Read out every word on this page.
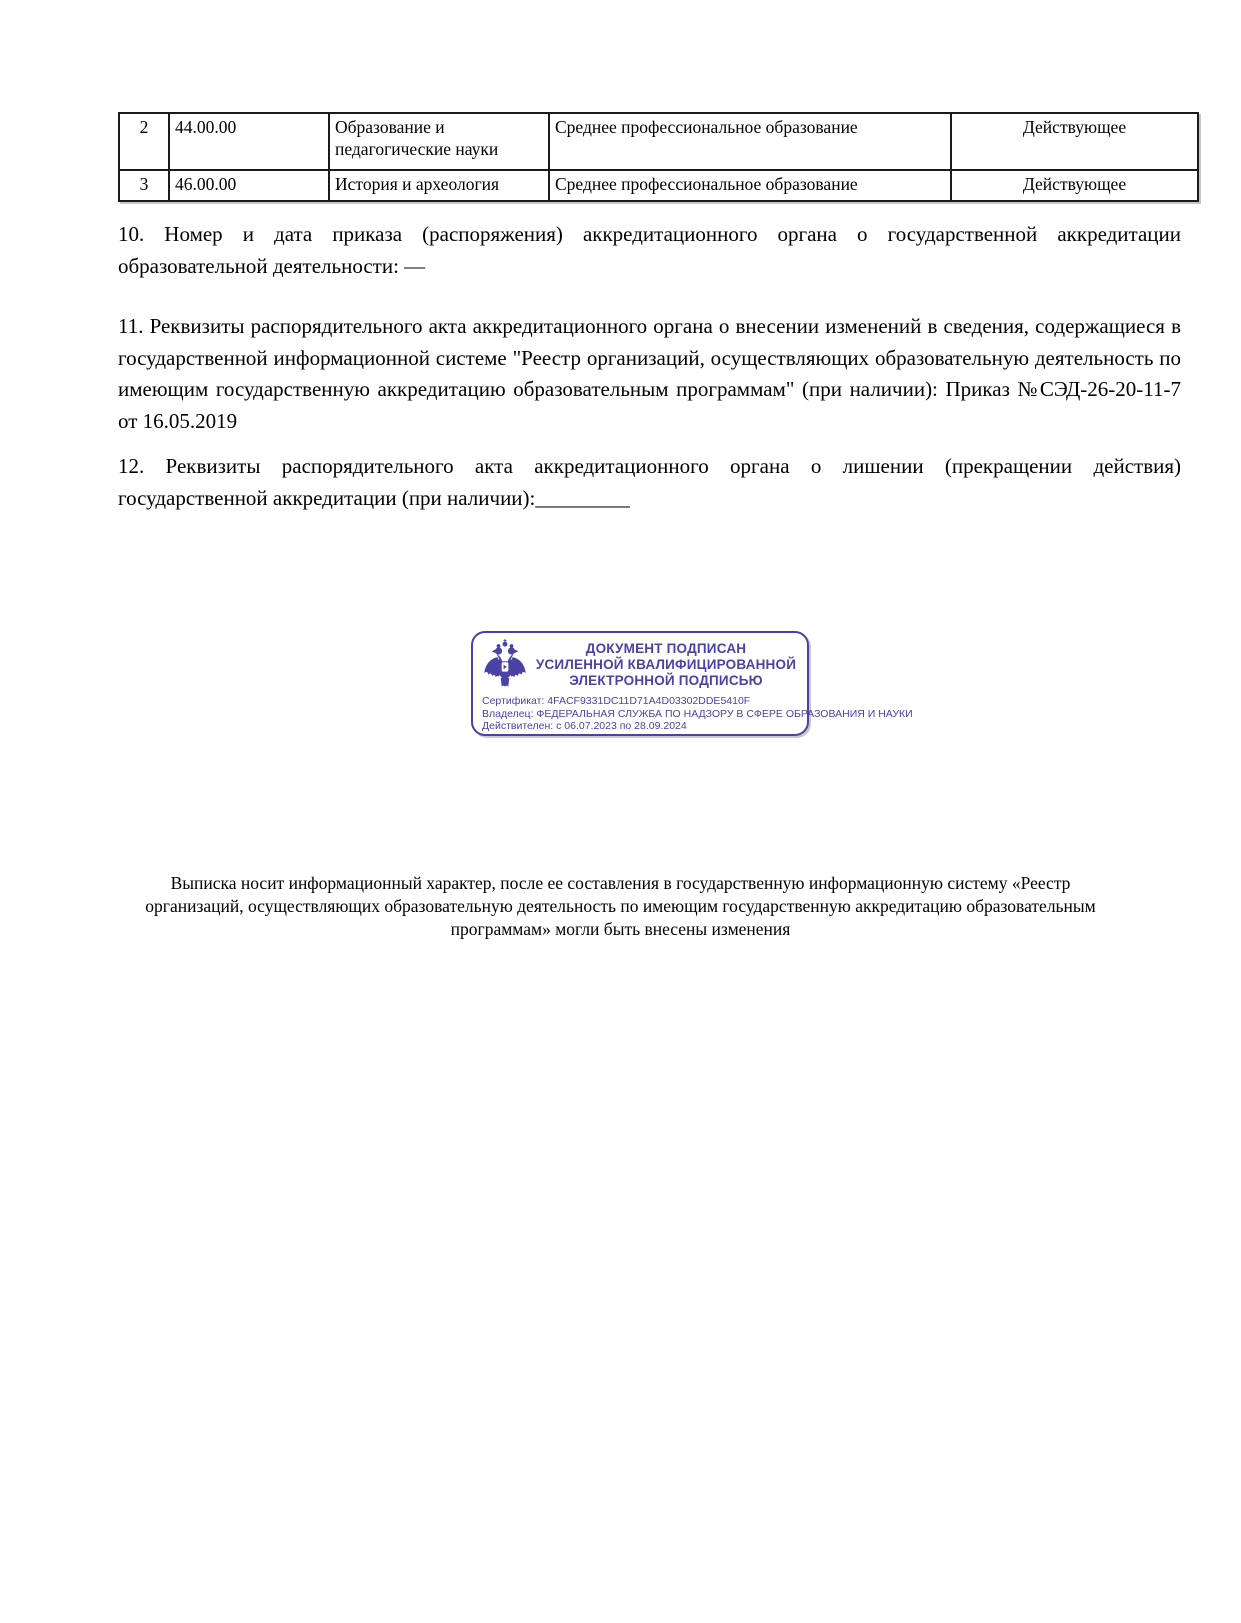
2	44.00.00	Образование и педагогические науки	Среднее профессиональное образование	Действующее
3	46.00.00	История и археология	Среднее профессиональное образование	Действующее
10. Номер и дата приказа (распоряжения) аккредитационного органа о государственной аккредитации образовательной деятельности: —
11. Реквизиты распорядительного акта аккредитационного органа о внесении изменений в сведения, содержащиеся в государственной информационной системе "Реестр организаций, осуществляющих образовательную деятельность по имеющим государственную аккредитацию образовательным программам" (при наличии): Приказ №СЭД-26-20-11-7 от 16.05.2019
12. Реквизиты распорядительного акта аккредитационного органа о лишении (прекращении действия) государственной аккредитации (при наличии):_________
ДОКУМЕНТ ПОДПИСАН
УСИЛЕННОЙ КВАЛИФИЦИРОВАННОЙ
ЭЛЕКТРОННОЙ ПОДПИСЬЮ
Сертификат: 4FACF9331DC11D71A4D03302DDE5410F
Владелец: ФЕДЕРАЛЬНАЯ СЛУЖБА ПО НАДЗОРУ В СФЕРЕ ОБРАЗОВАНИЯ И НАУКИ
Действителен: с 06.07.2023 по 28.09.2024
Выписка носит информационный характер, после ее составления в государственную информационную систему «Реестр организаций, осуществляющих образовательную деятельность по имеющим государственную аккредитацию образовательным программам» могли быть внесены изменения
